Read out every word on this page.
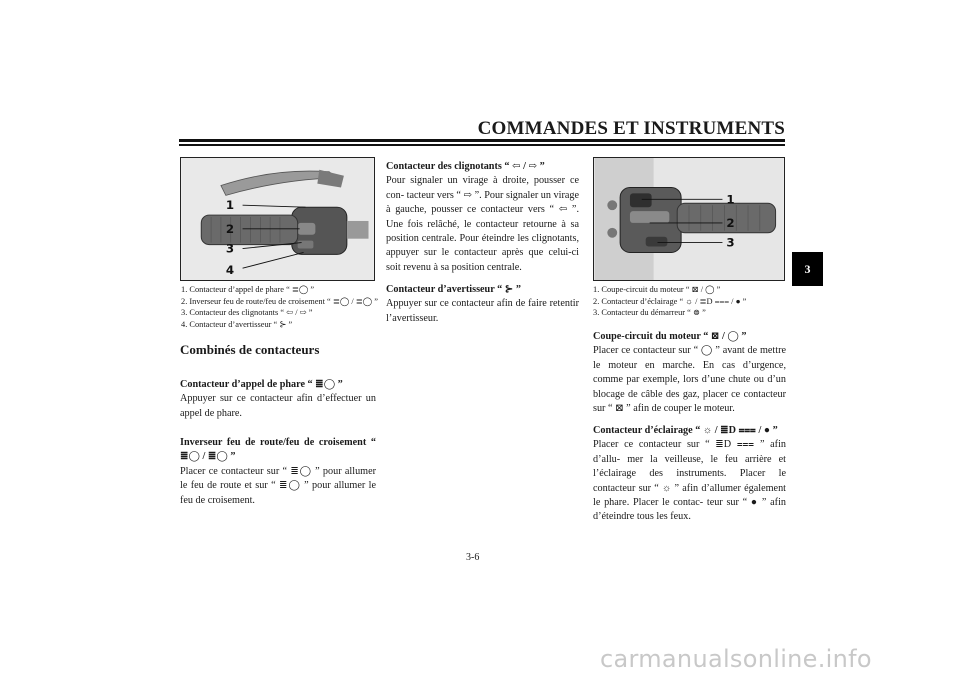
COMMANDES ET INSTRUMENTS
3
1
2
3
4
1. Contacteur d’appel de phare “ ≣◯ ”
2. Inverseur feu de route/feu de croisement “ ≣◯ / ≣◯ ”
3. Contacteur des clignotants “ ⇦ / ⇨ ”
4. Contacteur d’avertisseur “ ⊱ ”
Combinés de contacteurs
Contacteur d’appel de phare “ ≣◯ ”
Appuyer sur ce contacteur afin d’effectuer un appel de phare.
Inverseur feu de route/feu de croisement “ ≣◯ / ≣◯ ”
Placer ce contacteur sur “ ≣◯ ” pour allumer le feu de route et sur “ ≣◯ ” pour allumer le feu de croisement.
Contacteur des clignotants “ ⇦ / ⇨ ”
Pour signaler un virage à droite, pousser ce con- tacteur vers “ ⇨ ”. Pour signaler un virage à gauche, pousser ce contacteur vers “ ⇦ ”. Une fois relâché, le contacteur retourne à sa position centrale. Pour éteindre les clignotants, appuyer sur le contacteur après que celui-ci soit revenu à sa position centrale.
Contacteur d’avertisseur “ ⊱ ”
Appuyer sur ce contacteur afin de faire retentir l’avertisseur.
1
2
3
1. Coupe-circuit du moteur “ ⊠ / ◯ ”
2. Contacteur d’éclairage “ ☼ / ≣D ⩶ / ● ”
3. Contacteur du démarreur “ ⊜ ”
Coupe-circuit du moteur “ ⊠ / ◯ ”
Placer ce contacteur sur “ ◯ ” avant de mettre le moteur en marche. En cas d’urgence, comme par exemple, lors d’une chute ou d’un blocage de câble des gaz, placer ce contacteur sur “ ⊠ ” afin de couper le moteur.
Contacteur d’éclairage “ ☼ / ≣D ⩶ / ● ”
Placer ce contacteur sur “ ≣D ⩶ ” afin d’allu- mer la veilleuse, le feu arrière et l’éclairage des instruments. Placer le contacteur sur “ ☼ ” afin d’allumer également le phare. Placer le contac- teur sur “ ● ” afin d’éteindre tous les feux.
3-6
carmanualsonline.info
